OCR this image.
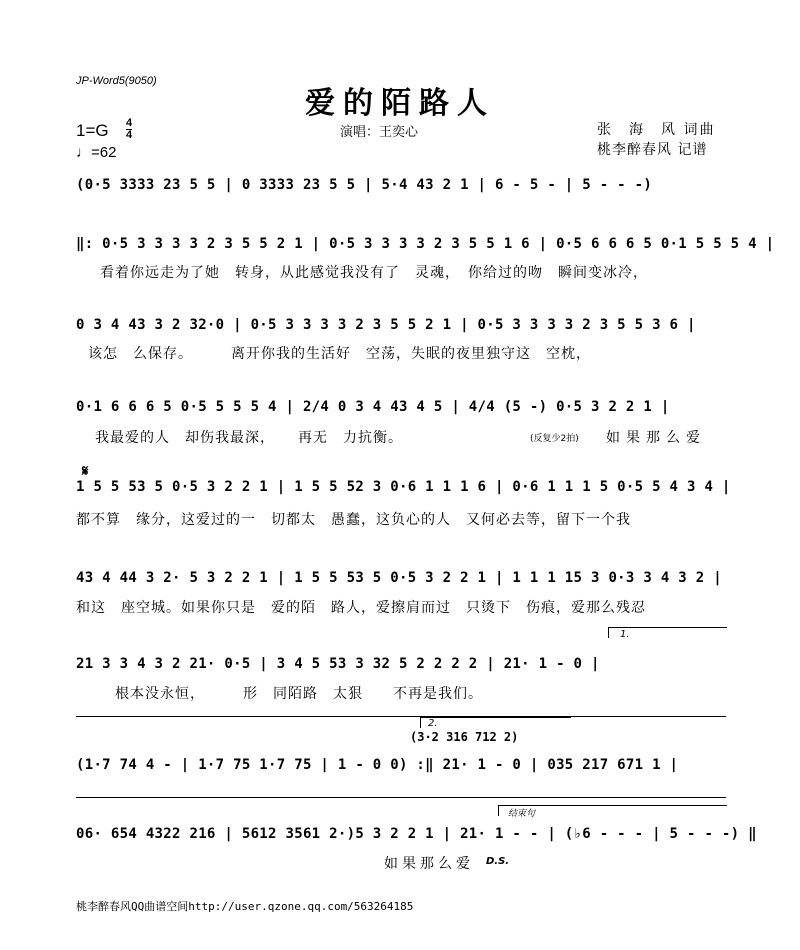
JP-Word5(9050)
爱的陌路人
1=G 4
4
♩=62
演唱：王奕心	张　海　风 词曲
桃李醉春风 记谱
(0·5 3333 23 5 5 | 0 3333 23 5 5 | 5·4 43 2 1 | 6 - 5 - | 5 - - -)
‖: 0·5 3 3 3 3 2 3 5 5 2 1 | 0·5 3 3 3 3 2 3 5 5 1 6 | 0·5 6 6 6 5 0·1 5 5 5 4 |
看着你远走为了她　转身，从此感觉我没有了　灵魂，　你给过的吻　瞬间变冰冷，
0 3 4 43 3 2 32·0 | 0·5 3 3 3 3 2 3 5 5 2 1 | 0·5 3 3 3 3 2 3 5 5 3 6 |
该怎　么保存。　　　离开你我的生活好　空荡，失眠的夜里独守这　空枕，
0·1 6 6 6 5 0·5 5 5 5 4 | 2/4 0 3 4 43 4 5 | 4/4 (5 -) 0·5 3 2 2 1 |
　我最爱的人　却伤我最深，　　再无　力抗衡。	(反复少2拍) 如果那么爱
𝄋
1 5 5 53 5 0·5 3 2 2 1 | 1 5 5 52 3 0·6 1 1 1 6 | 0·6 1 1 1 5 0·5 5 4 3 4 |
都不算　缘分，这爱过的一　切都太　愚蠢，这负心的人　又何必去等，留下一个我
43 4 44 3 2· 5 3 2 2 1 | 1 5 5 53 5 0·5 3 2 2 1 | 1 1 1 15 3 0·3 3 4 3 2 |
和这　座空城。如果你只是　爱的陌　路人，爱擦肩而过　只烫下　伤痕，爱那么残忍
1.
21 3 3 4 3 2 21· 0·5 | 3 4 5 53 3 32 5 2 2 2 2 | 21· 1 - 0 |
　根本没永恒，　　　形　同陌路　太狠　　不再是我们。
2.
(3·2 316 712 2)
(1·7 74 4 - | 1·7 75 1·7 75 | 1 - 0 0) :‖ 21· 1 - 0 | 035 217 671 1 |
结束句
06· 654 4322 216 | 5612 3561 2·)5 3 2 2 1 | 21· 1 - - | (♭6 - - - | 5 - - -) ‖
如果那么爱	D.S.
桃李醉春风QQ曲谱空间http://user.qzone.qq.com/563264185
